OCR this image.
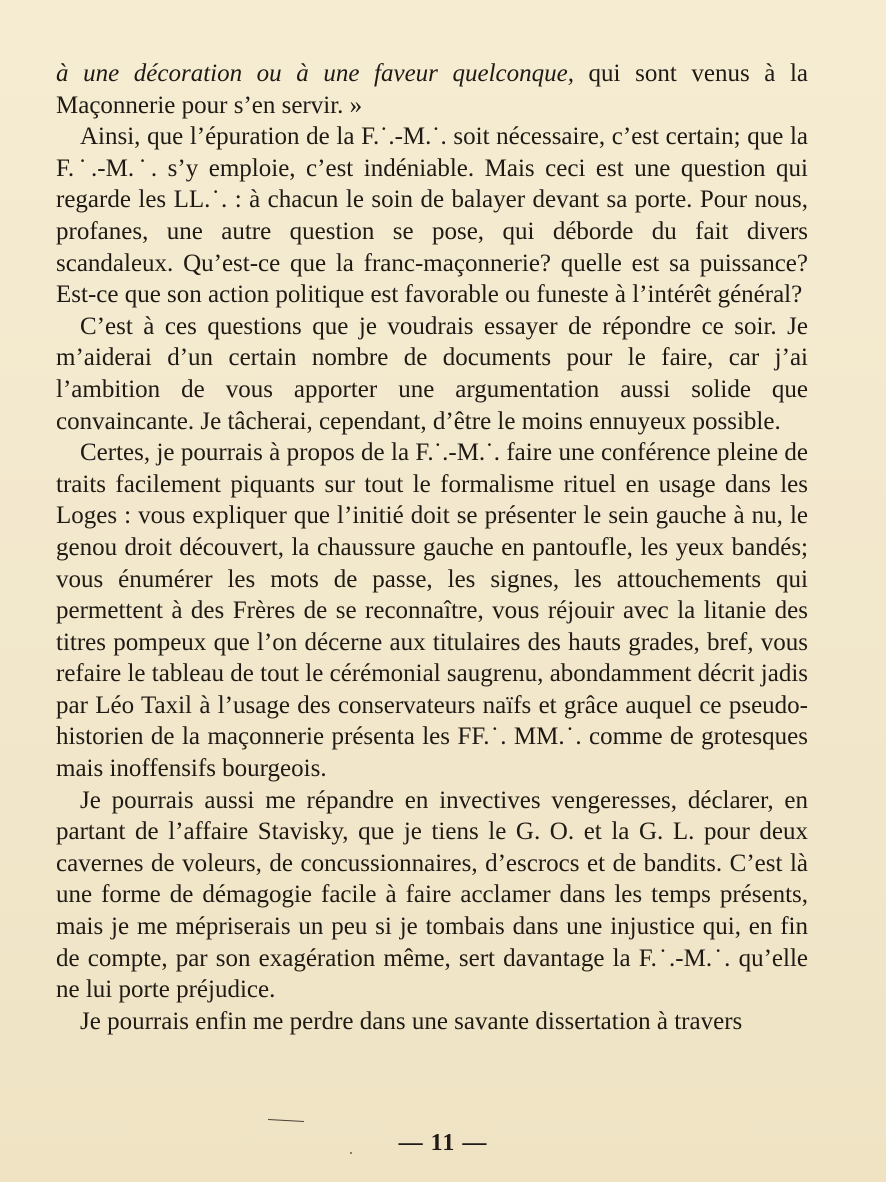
à une décoration ou à une faveur quelconque, qui sont venus à la Maçonnerie pour s’en servir. »

Ainsi, que l’épuration de la F.˙.-M.˙. soit nécessaire, c’est certain; que la F.˙.-M.˙. s’y emploie, c’est indéniable. Mais ceci est une question qui regarde les LL.˙. : à chacun le soin de balayer devant sa porte. Pour nous, profanes, une autre question se pose, qui déborde du fait divers scandaleux. Qu’est-ce que la franc-maçonnerie? quelle est sa puissance? Est-ce que son action politique est favorable ou funeste à l’intérêt général?

C’est à ces questions que je voudrais essayer de répondre ce soir. Je m’aiderai d’un certain nombre de documents pour le faire, car j’ai l’ambition de vous apporter une argumentation aussi solide que convaincante. Je tâcherai, cependant, d’être le moins ennuyeux possible.

Certes, je pourrais à propos de la F.˙.-M.˙. faire une conférence pleine de traits facilement piquants sur tout le formalisme rituel en usage dans les Loges : vous expliquer que l’initié doit se présenter le sein gauche à nu, le genou droit découvert, la chaussure gauche en pantoufle, les yeux bandés; vous énumérer les mots de passe, les signes, les attouchements qui permettent à des Frères de se reconnaître, vous réjouir avec la litanie des titres pompeux que l’on décerne aux titulaires des hauts grades, bref, vous refaire le tableau de tout le cérémonial saugrenu, abondamment décrit jadis par Léo Taxil à l’usage des conservateurs naïfs et grâce auquel ce pseudo-historien de la maçonnerie présenta les FF.˙. MM.˙. comme de grotesques mais inoffensifs bourgeois.

Je pourrais aussi me répandre en invectives vengeresses, déclarer, en partant de l’affaire Stavisky, que je tiens le G. O. et la G. L. pour deux cavernes de voleurs, de concussionnaires, d’escrocs et de bandits. C’est là une forme de démagogie facile à faire acclamer dans les temps présents, mais je me mépriserais un peu si je tombais dans une injustice qui, en fin de compte, par son exagération même, sert davantage la F.˙.-M.˙. qu’elle ne lui porte préjudice.

Je pourrais enfin me perdre dans une savante dissertation à travers

— 11 —
